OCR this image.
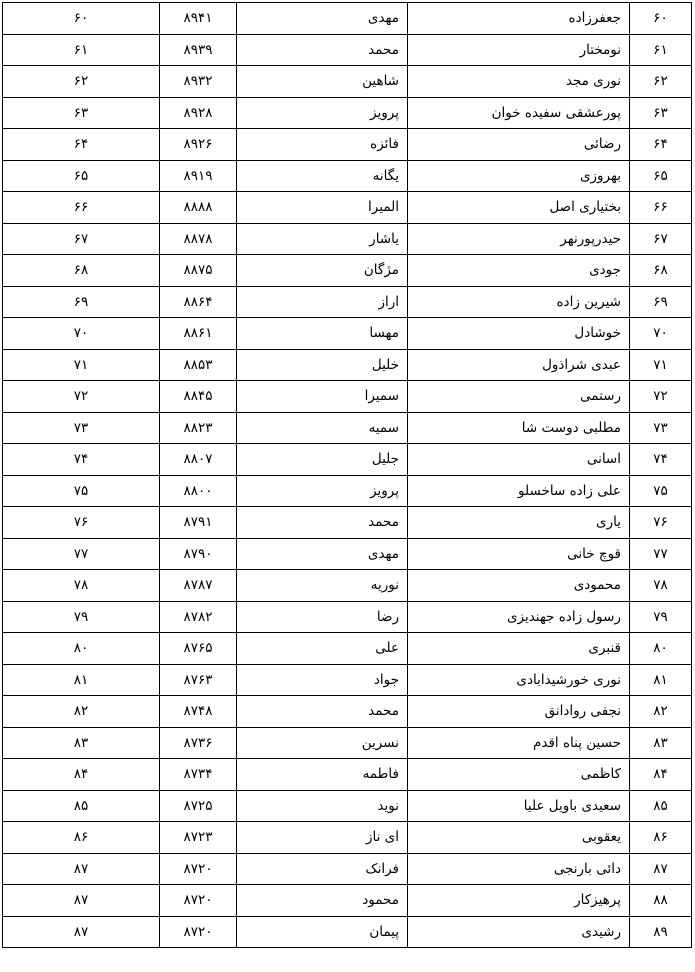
۶۰	جعفرزاده	مهدی	۸۹۴۱	۶۰
۶۱	نومختار	محمد	۸۹۳۹	۶۱
۶۲	نوری مجد	شاهین	۸۹۳۲	۶۲
۶۳	پورعشقی سفیده خوان	پرویز	۸۹۲۸	۶۳
۶۴	رضائی	فائزه	۸۹۲۶	۶۴
۶۵	بهروزی	یگانه	۸۹۱۹	۶۵
۶۶	بختیاری اصل	المیرا	۸۸۸۸	۶۶
۶۷	حیدرپورنهر	یاشار	۸۸۷۸	۶۷
۶۸	جودی	مژگان	۸۸۷۵	۶۸
۶۹	شیرین زاده	اراز	۸۸۶۴	۶۹
۷۰	خوشادل	مهسا	۸۸۶۱	۷۰
۷۱	عبدی شراذول	خلیل	۸۸۵۳	۷۱
۷۲	رستمی	سمیرا	۸۸۴۵	۷۲
۷۳	مطلبی دوست شا	سمیه	۸۸۲۳	۷۳
۷۴	اسانی	جلیل	۸۸۰۷	۷۴
۷۵	علی زاده ساخسلو	پرویز	۸۸۰۰	۷۵
۷۶	یاری	محمد	۸۷۹۱	۷۶
۷۷	قوچ خانی	مهدی	۸۷۹۰	۷۷
۷۸	محمودی	نوریه	۸۷۸۷	۷۸
۷۹	رسول زاده جهندیزی	رضا	۸۷۸۲	۷۹
۸۰	قنبری	علی	۸۷۶۵	۸۰
۸۱	نوری خورشیدابادی	جواد	۸۷۶۳	۸۱
۸۲	نجفی روادانق	محمد	۸۷۴۸	۸۲
۸۳	حسین پناه اقدم	نسرین	۸۷۳۶	۸۳
۸۴	کاظمی	فاطمه	۸۷۳۴	۸۴
۸۵	سعیدی باویل علیا	نوید	۸۷۲۵	۸۵
۸۶	یعقوبی	ای ناز	۸۷۲۳	۸۶
۸۷	دائی بارنجی	فرانک	۸۷۲۰	۸۷
۸۸	پرهیزکار	محمود	۸۷۲۰	۸۷
۸۹	رشیدی	پیمان	۸۷۲۰	۸۷
